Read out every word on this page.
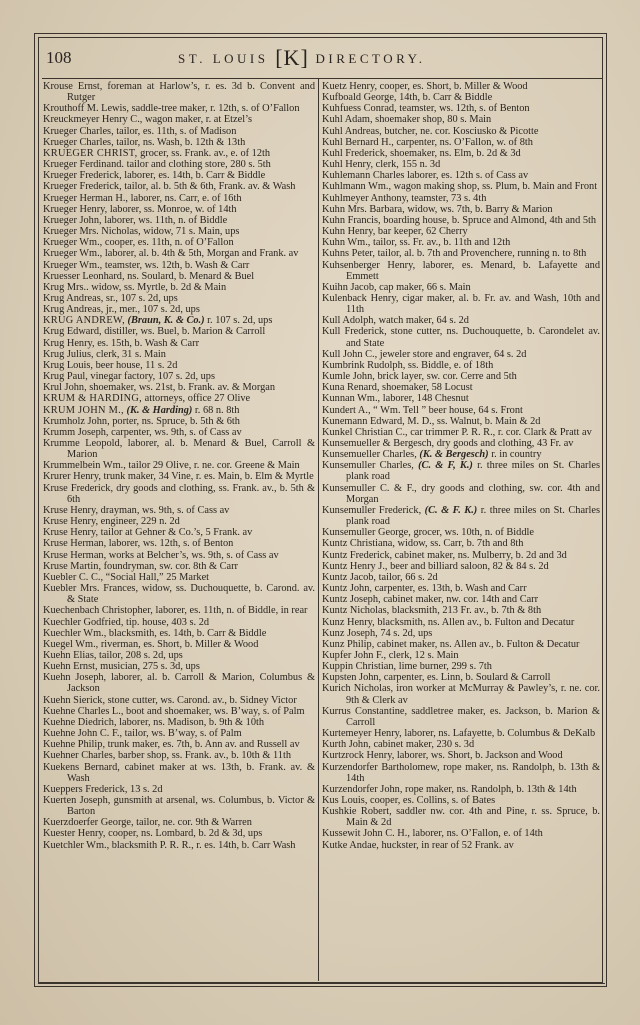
108	ST. LOUIS [K] DIRECTORY.
Krouse Ernst, foreman at Harlow’s, r. es. 3d b. Convent and Rutger
Krouthoff M. Lewis, saddle-tree maker, r. 12th, s. of O’Fallon
Kreuckmeyer Henry C., wagon maker, r. at Etzel’s
Krueger Charles, tailor, es. 11th, s. of Madison
Krueger Charles, tailor, ns. Wash, b. 12th & 13th
KRUEGER CHRIST, grocer, ss. Frank. av., e. of 12th
Krueger Ferdinand. tailor and clothing store, 280 s. 5th
Krueger Frederick, laborer, es. 14th, b. Carr & Biddle
Krueger Frederick, tailor, al. b. 5th & 6th, Frank. av. & Wash
Krueger Herman H., laborer, ns. Carr, e. of 16th
Krueger Henry, laborer, ss. Monroe, w. of 14th
Krueger John, laborer, ws. 11th, n. of Biddle
Krueger Mrs. Nicholas, widow, 71 s. Main, ups
Krueger Wm., cooper, es. 11th, n. of O’Fallon
Krueger Wm., laborer, al. b. 4th & 5th, Morgan and Frank. av
Krueger Wm., teamster, ws. 12th, b. Wash & Carr
Kruesser Leonhard, ns. Soulard, b. Menard & Buel
Krug Mrs.. widow, ss. Myrtle, b. 2d & Main
Krug Andreas, sr., 107 s. 2d, ups
Krug Andreas, jr., mer., 107 s. 2d, ups
KRUG ANDREW, (Braun, K. & Co.) r. 107 s. 2d, ups
Krug Edward, distiller, ws. Buel, b. Marion & Carroll
Krug Henry, es. 15th, b. Wash & Carr
Krug Julius, clerk, 31 s. Main
Krug Louis, beer house, 11 s. 2d
Krug Paul, vinegar factory, 107 s. 2d, ups
Krul John, shoemaker, ws. 21st, b. Frank. av. & Morgan
KRUM & HARDING, attorneys, office 27 Olive
KRUM JOHN M., (K. & Harding) r. 68 n. 8th
Krumholz John, porter, ns. Spruce, b. 5th & 6th
Krumm Joseph, carpenter, ws. 9th, s. of Cass av
Krumme Leopold, laborer, al. b. Menard & Buel, Carroll & Marion
Krummelbein Wm., tailor 29 Olive, r. ne. cor. Greene & Main
Krurer Henry, trunk maker, 34 Vine, r. es. Main, b. Elm & Myrtle
Kruse Frederick, dry goods and clothing, ss. Frank. av., b. 5th & 6th
Kruse Henry, drayman, ws. 9th, s. of Cass av
Kruse Henry, engineer, 229 n. 2d
Kruse Henry, tailor at Gehner & Co.’s, 5 Frank. av
Kruse Herman, laborer, ws. 12th, s. of Benton
Kruse Herman, works at Belcher’s, ws. 9th, s. of Cass av
Kruse Martin, foundryman, sw. cor. 8th & Carr
Kuebler C. C., “Social Hall,” 25 Market
Kuebler Mrs. Frances, widow, ss. Duchouquette, b. Carond. av. & State
Kuechenbach Christopher, laborer, es. 11th, n. of Biddle, in rear
Kuechler Godfried, tip. house, 403 s. 2d
Kuechler Wm., blacksmith, es. 14th, b. Carr & Biddle
Kuegel Wm., riverman, es. Short, b. Miller & Wood
Kuehn Elias, tailor, 208 s. 2d, ups
Kuehn Ernst, musician, 275 s. 3d, ups
Kuehn Joseph, laborer, al. b. Carroll & Marion, Columbus & Jackson
Kuehn Sierick, stone cutter, ws. Carond. av., b. Sidney Victor
Kuehne Charles L., boot and shoemaker, ws. B’way, s. of Palm
Kuehne Diedrich, laborer, ns. Madison, b. 9th & 10th
Kuehne John C. F., tailor, ws. B’way, s. of Palm
Kuehne Philip, trunk maker, es. 7th, b. Ann av. and Russell av
Kuehner Charles, barber shop, ss. Frank. av., b. 10th & 11th
Kuekens Bernard, cabinet maker at ws. 13th, b. Frank. av. & Wash
Kueppers Frederick, 13 s. 2d
Kuerten Joseph, gunsmith at arsenal, ws. Columbus, b. Victor & Barton
Kuerzdoerfer George, tailor, ne. cor. 9th & Warren
Kuester Henry, cooper, ns. Lombard, b. 2d & 3d, ups
Kuetchler Wm., blacksmith P. R. R., r. es. 14th, b. Carr Wash
Kuetz Henry, cooper, es. Short, b. Miller & Wood
Kufboald George, 14th, b. Carr & Biddle
Kuhfuess Conrad, teamster, ws. 12th, s. of Benton
Kuhl Adam, shoemaker shop, 80 s. Main
Kuhl Andreas, butcher, ne. cor. Kosciusko & Picotte
Kuhl Bernard H., carpenter, ns. O’Fallon, w. of 8th
Kuhl Frederick, shoemaker, ns. Elm, b. 2d & 3d
Kuhl Henry, clerk, 155 n. 3d
Kuhlemann Charles laborer, es. 12th s. of Cass av
Kuhlmann Wm., wagon making shop, ss. Plum, b. Main and Front
Kuhlmeyer Anthony, teamster, 73 s. 4th
Kuhn Mrs. Barbara, widow, ws. 7th, b. Barry & Marion
Kuhn Francis, boarding house, b. Spruce and Almond, 4th and 5th
Kuhn Henry, bar keeper, 62 Cherry
Kuhn Wm., tailor, ss. Fr. av., b. 11th and 12th
Kuhns Peter, tailor, al. b. 7th and Provenchere, running n. to 8th
Kuhsenberger Henry, laborer, es. Menard, b. Lafayette and Emmett
Kuihn Jacob, cap maker, 66 s. Main
Kulenback Henry, cigar maker, al. b. Fr. av. and Wash, 10th and 11th
Kull Adolph, watch maker, 64 s. 2d
Kull Frederick, stone cutter, ns. Duchouquette, b. Carondelet av. and State
Kull John C., jeweler store and engraver, 64 s. 2d
Kumbrink Rudolph, ss. Biddle, e. of 18th
Kumle John, brick layer, sw. cor. Cerre and 5th
Kuna Renard, shoemaker, 58 Locust
Kunnan Wm., laborer, 148 Chesnut
Kundert A., “ Wm. Tell ” beer house, 64 s. Front
Kunemann Edward, M. D., ss. Walnut, b. Main & 2d
Kunkel Christian C., car trimmer P. R. R., r. cor. Clark & Pratt av
Kunsemueller & Bergesch, dry goods and clothing, 43 Fr. av
Kunsemueller Charles, (K. & Bergesch) r. in country
Kunsemuller Charles, (C. & F, K.) r. three miles on St. Charles plank road
Kunsemuller C. & F., dry goods and clothing, sw. cor. 4th and Morgan
Kunsemuller Frederick, (C. & F. K.) r. three miles on St. Charles plank road
Kunsemuller George, grocer, ws. 10th, n. of Biddle
Kuntz Christiana, widow, ss. Carr, b. 7th and 8th
Kuntz Frederick, cabinet maker, ns. Mulberry, b. 2d and 3d
Kuntz Henry J., beer and billiard saloon, 82 & 84 s. 2d
Kuntz Jacob, tailor, 66 s. 2d
Kuntz John, carpenter, es. 13th, b. Wash and Carr
Kuntz Joseph, cabinet maker, nw. cor. 14th and Carr
Kuntz Nicholas, blacksmith, 213 Fr. av., b. 7th & 8th
Kunz Henry, blacksmith, ns. Allen av., b. Fulton and Decatur
Kunz Joseph, 74 s. 2d, ups
Kunz Philip, cabinet maker, ns. Allen av., b. Fulton & Decatur
Kupfer John F., clerk, 12 s. Main
Kuppin Christian, lime burner, 299 s. 7th
Kupsten John, carpenter, es. Linn, b. Soulard & Carroll
Kurich Nicholas, iron worker at McMurray & Pawley’s, r. ne. cor. 9th & Clerk av
Kurrus Constantine, saddletree maker, es. Jackson, b. Marion & Carroll
Kurtemeyer Henry, laborer, ns. Lafayette, b. Columbus & DeKalb
Kurth John, cabinet maker, 230 s. 3d
Kurtzrock Henry, laborer, ws. Short, b. Jackson and Wood
Kurzendorfer Bartholomew, rope maker, ns. Randolph, b. 13th & 14th
Kurzendorfer John, rope maker, ns. Randolph, b. 13th & 14th
Kus Louis, cooper, es. Collins, s. of Bates
Kushkie Robert, saddler nw. cor. 4th and Pine, r. ss. Spruce, b. Main & 2d
Kussewit John C. H., laborer, ns. O’Fallon, e. of 14th
Kutke Andae, huckster, in rear of 52 Frank. av
